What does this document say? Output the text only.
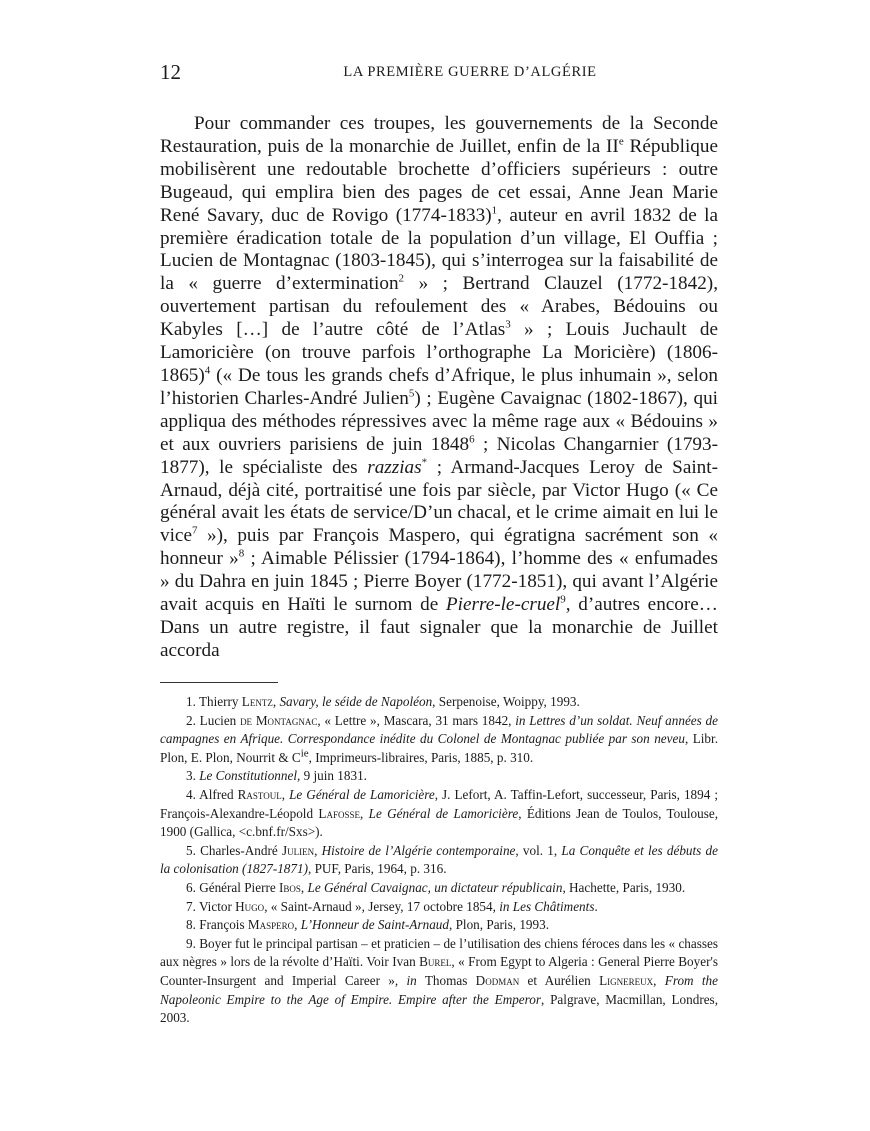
12	LA PREMIÈRE GUERRE D’ALGÉRIE

Pour commander ces troupes, les gouvernements de la Seconde Restauration, puis de la monarchie de Juillet, enfin de la IIe République mobilisèrent une redoutable brochette d’officiers supérieurs : outre Bugeaud, qui emplira bien des pages de cet essai, Anne Jean Marie René Savary, duc de Rovigo (1774-1833)$^1$, auteur en avril 1832 de la première éradication totale de la population d’un village, El Ouffia ; Lucien de Montagnac (1803-1845), qui s’interrogea sur la faisabilité de la « guerre d’extermination$^2$ » ; Bertrand Clauzel (1772-1842), ouvertement partisan du refoulement des « Arabes, Bédouins ou Kabyles […] de l’autre côté de l’Atlas$^3$ » ; Louis Juchault de Lamoricière (on trouve parfois l’orthographe La Moricière) (1806-1865)$^4$ (« De tous les grands chefs d’Afrique, le plus inhumain », selon l’historien Charles-André Julien$^5$) ; Eugène Cavaignac (1802-1867), qui appliqua des méthodes répressives avec la même rage aux « Bédouins » et aux ouvriers parisiens de juin 1848$^6$ ; Nicolas Changarnier (1793-1877), le spécialiste des razzias* ; Armand-Jacques Leroy de Saint-Arnaud, déjà cité, portraitisé une fois par siècle, par Victor Hugo (« Ce général avait les états de service/D’un chacal, et le crime aimait en lui le vice$^7$ »), puis par François Maspero, qui égratigna sacrément son « honneur »$^8$ ; Aimable Pélissier (1794-1864), l’homme des « enfumades » du Dahra en juin 1845 ; Pierre Boyer (1772-1851), qui avant l’Algérie avait acquis en Haïti le surnom de Pierre-le-cruel$^9$, d’autres encore… Dans un autre registre, il faut signaler que la monarchie de Juillet accorda

1. Thierry Lentz, Savary, le séide de Napoléon, Serpenoise, Woippy, 1993.

2. Lucien de Montagnac, « Lettre », Mascara, 31 mars 1842, in Lettres d’un soldat. Neuf années de campagnes en Afrique. Correspondance inédite du Colonel de Montagnac publiée par son neveu, Libr. Plon, E. Plon, Nourrit & $C^{ie}$, Imprimeurs-libraires, Paris, 1885, p. 310.

3. Le Constitutionnel, 9 juin 1831.

4. Alfred Rastoul, Le Général de Lamoricière, J. Lefort, A. Taffin-Lefort, successeur, Paris, 1894 ; François-Alexandre-Léopold Lafosse, Le Général de Lamoricière, Éditions Jean de Toulos, Toulouse, 1900 (Gallica, <c.bnf.fr/Sxs>).

5. Charles-André Julien, Histoire de l’Algérie contemporaine, vol. 1, La Conquête et les débuts de la colonisation (1827-1871), PUF, Paris, 1964, p. 316.

6. Général Pierre Ibos, Le Général Cavaignac, un dictateur républicain, Hachette, Paris, 1930.

7. Victor Hugo, « Saint-Arnaud », Jersey, 17 octobre 1854, in Les Châtiments.

8. François Maspero, L’Honneur de Saint-Arnaud, Plon, Paris, 1993.

9. Boyer fut le principal partisan – et praticien – de l’utilisation des chiens féroces dans les « chasses aux nègres » lors de la révolte d’Haïti. Voir Ivan Burel, « From Egypt to Algeria : General Pierre Boyer's Counter-Insurgent and Imperial Career », in Thomas Dodman et Aurélien Lignereux, From the Napoleonic Empire to the Age of Empire. Empire after the Emperor, Palgrave, Macmillan, Londres, 2003.
